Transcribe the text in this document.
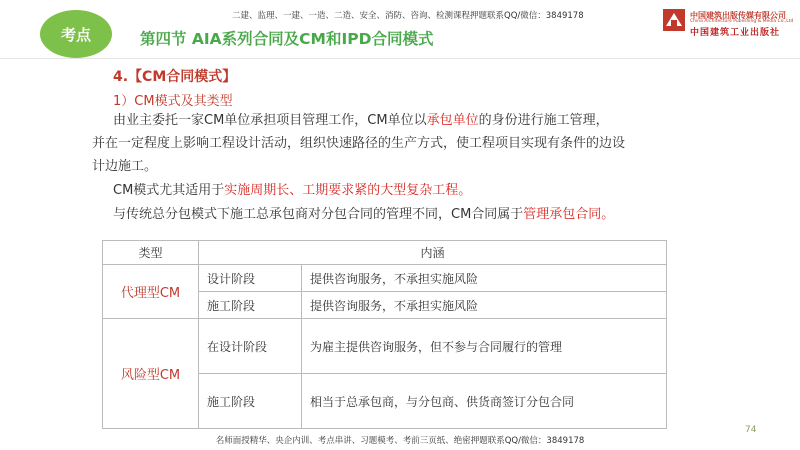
考点
二建、监理、一建、一造、二造、安全、消防、咨询、检测课程押题联系QQ/微信：3849178
第四节 AIA系列合同及CM和IPD合同模式
中国建筑出版传媒有限公司
China Architecture Publishing & Media Co.,Ltd
中国建筑工业出版社
4.【CM合同模式】
1）CM模式及其类型
由业主委托一家CM单位承担项目管理工作，CM单位以承包单位的身份进行施工管理，
并在一定程度上影响工程设计活动，组织快速路径的生产方式，使工程项目实现有条件的边设
计边施工。
CM模式尤其适用于实施周期长、工期要求紧的大型复杂工程。
与传统总分包模式下施工总承包商对分包合同的管理不同，CM合同属于管理承包合同。
类型	内涵	
代理型CM	设计阶段	提供咨询服务，不承担实施风险
	施工阶段	提供咨询服务，不承担实施风险
风险型CM	在设计阶段	为雇主提供咨询服务，但不参与合同履行的管理
	施工阶段	相当于总承包商，与分包商、供货商签订分包合同
74
名师面授精华、央企内训、考点串讲、习题模考、考前三页纸、绝密押题联系QQ/微信：3849178
